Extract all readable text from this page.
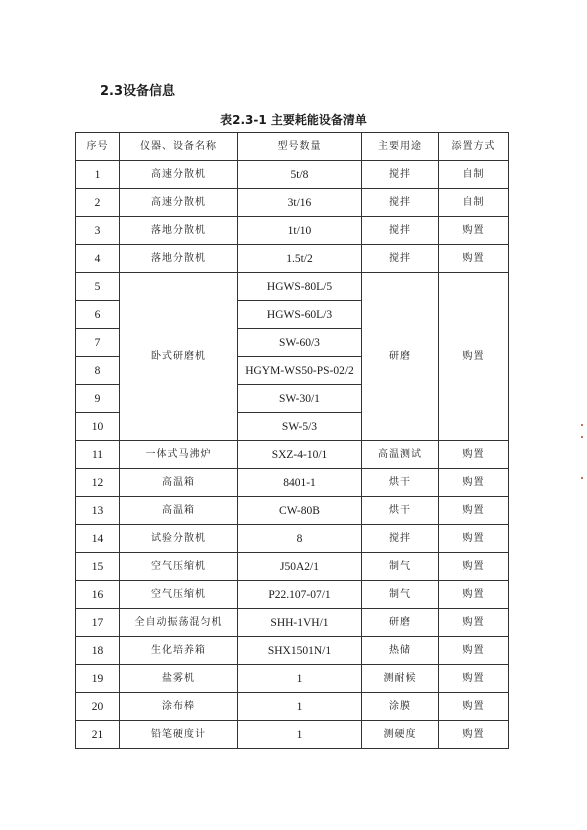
2.3设备信息
表2.3-1 主要耗能设备清单
序号	仪器、设备名称	型号数量	主要用途	添置方式
1	高速分散机	5t/8	搅拌	自制
2	高速分散机	3t/16	搅拌	自制
3	落地分散机	1t/10	搅拌	购置
4	落地分散机	1.5t/2	搅拌	购置
5	卧式研磨机	HGWS-80L/5	研磨	购置
6		HGWS-60L/3		
7		SW-60/3		
8		HGYM-WS50-PS-02/2		
9		SW-30/1		
10		SW-5/3		
11	一体式马沸炉	SXZ-4-10/1	高温测试	购置
12	高温箱	8401-1	烘干	购置
13	高温箱	CW-80B	烘干	购置
14	试验分散机	8	搅拌	购置
15	空气压缩机	J50A2/1	制气	购置
16	空气压缩机	P22.107-07/1	制气	购置
17	全自动振荡混匀机	SHH-1VH/1	研磨	购置
18	生化培养箱	SHX1501N/1	热储	购置
19	盐雾机	1	测耐候	购置
20	涂布棒	1	涂膜	购置
21	铅笔硬度计	1	测硬度	购置
